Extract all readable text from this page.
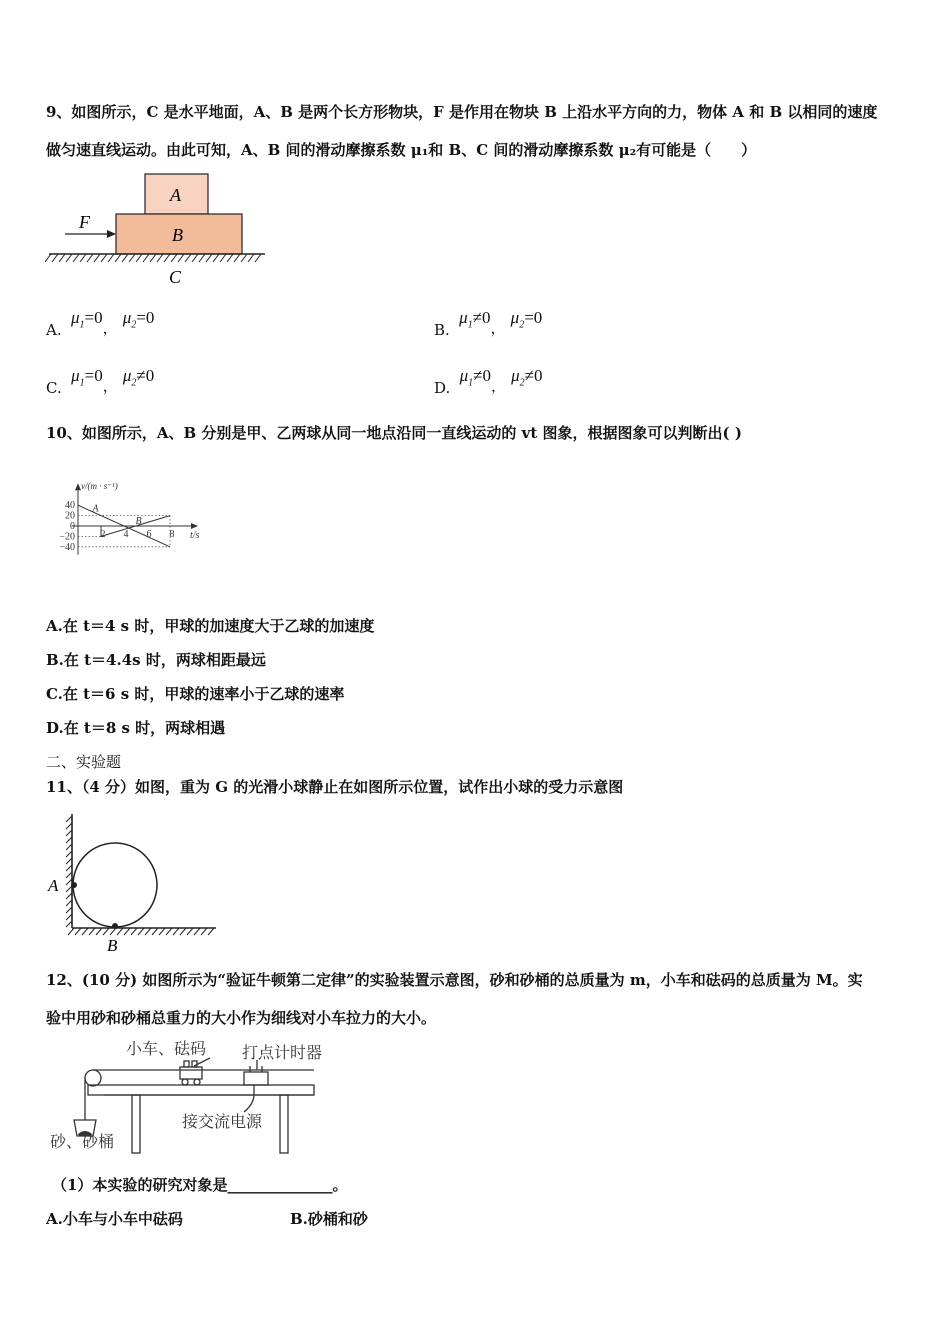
9、如图所示，C 是水平地面，A、B 是两个长方形物块，F 是作用在物块 B 上沿水平方向的力，物体 A 和 B 以相同的速度
做匀速直线运动。由此可知，A、B 间的滑动摩擦系数 μ₁和 B、C 间的滑动摩擦系数 μ₂有可能是（　　）
A
B
F
C
A.  $\mu_1=0$， $\mu_2=0$
B.  $\mu_1\ne 0$， $\mu_2=0$
C.  $\mu_1=0$， $\mu_2\ne 0$
D.  $\mu_1\ne 0$， $\mu_2\ne 0$
10、如图所示，A、B 分别是甲、乙两球从同一地点沿同一直线运动的 vt 图象，根据图象可以判断出( )
A
B
40
20
0
−20
−40
2 4 6 8 t/s
v/(m · s⁻¹)
A.在 t＝4 s 时，甲球的加速度大于乙球的加速度
B.在 t＝4.4s 时，两球相距最远
C.在 t＝6 s 时，甲球的速率小于乙球的速率
D.在 t＝8 s 时，两球相遇
二、实验题
11、（4 分）如图，重为 G 的光滑小球静止在如图所示位置，试作出小球的受力示意图
A
B
12、(10 分) 如图所示为“验证牛顿第二定律”的实验装置示意图，砂和砂桶的总质量为 m，小车和砝码的总质量为 M。实
验中用砂和砂桶总重力的大小作为细线对小车拉力的大小。
小车、砝码 打点计时器
接交流电源
砂、砂桶
（1）本实验的研究对象是______________。
A.小车与小车中砝码	B.砂桶和砂
